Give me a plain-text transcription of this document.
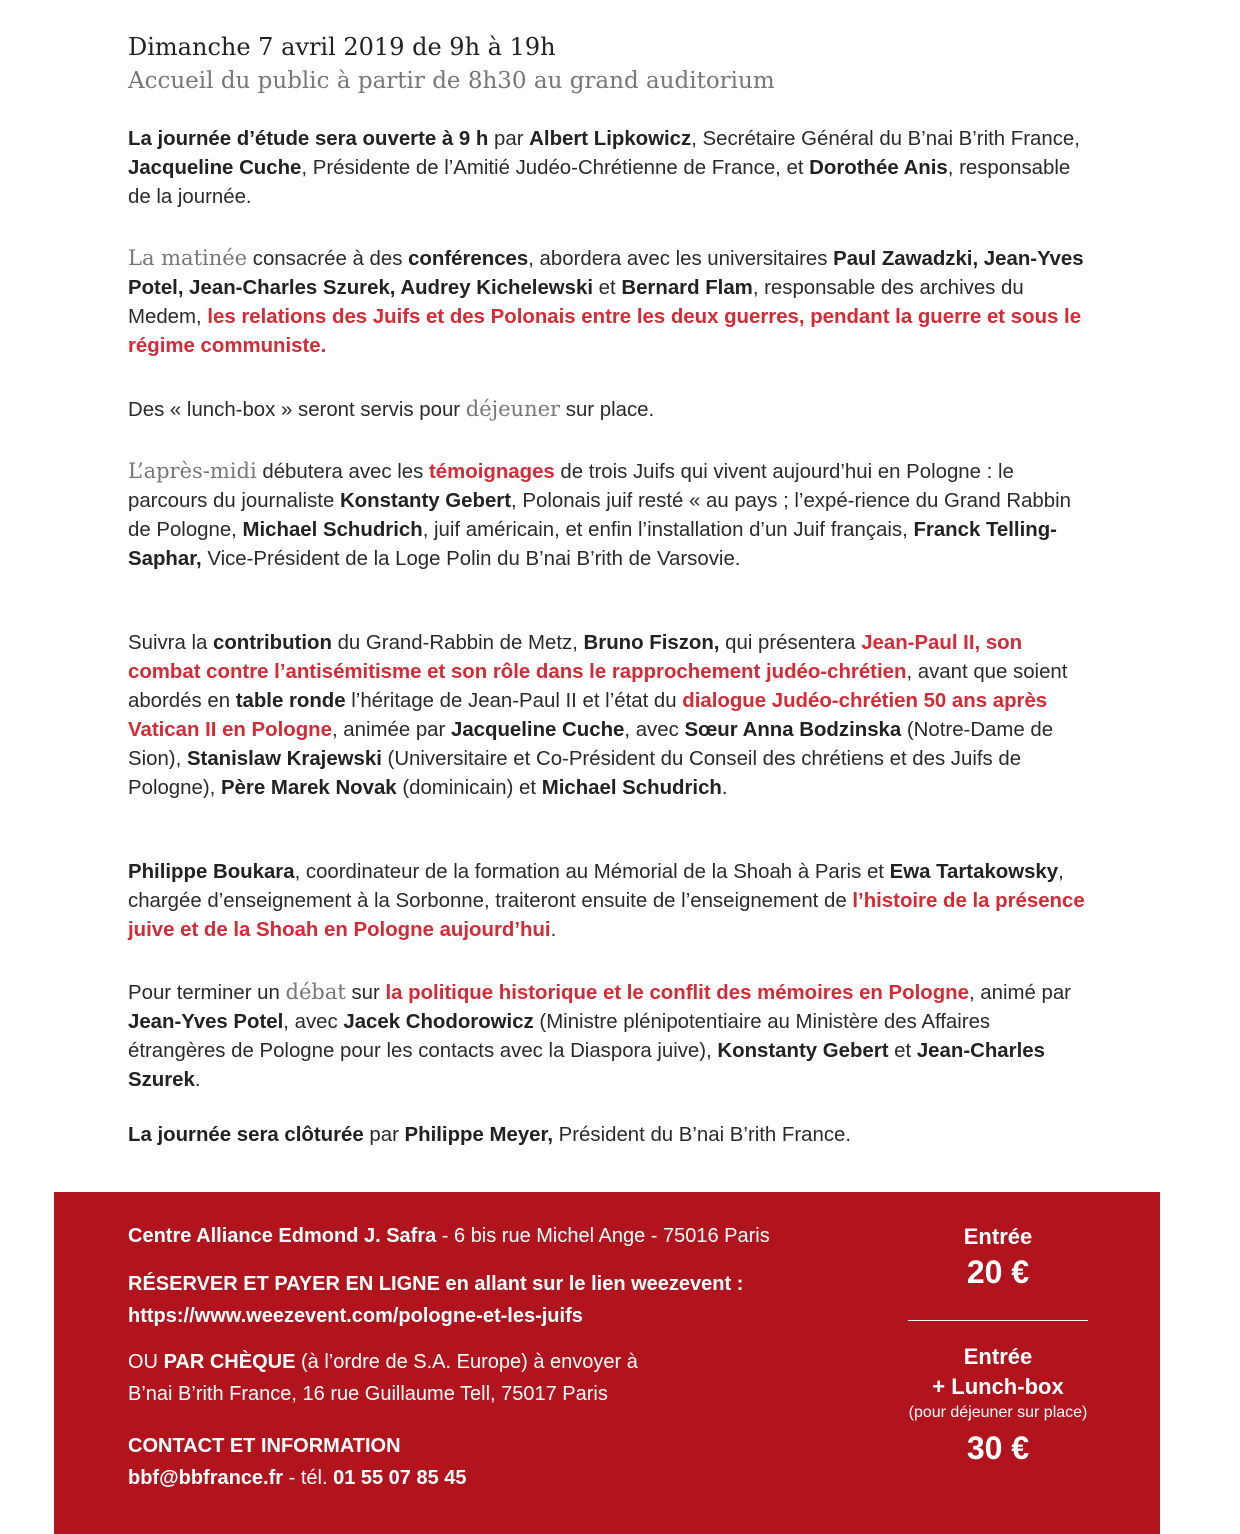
Dimanche 7 avril 2019 de 9h à 19h
Accueil du public à partir de 8h30 au grand auditorium
La journée d’étude sera ouverte à 9 h par Albert Lipkowicz, Secrétaire Général du B’nai B’rith France, Jacqueline Cuche, Présidente de l’Amitié Judéo-Chrétienne de France, et Dorothée Anis, responsable de la journée.
La matinée consacrée à des conférences, abordera avec les universitaires Paul Zawadzki, Jean-Yves Potel, Jean-Charles Szurek, Audrey Kichelewski et Bernard Flam, responsable des archives du Medem, les relations des Juifs et des Polonais entre les deux guerres, pendant la guerre et sous le régime communiste.
Des « lunch-box » seront servis pour déjeuner sur place.
L’après-midi débutera avec les témoignages de trois Juifs qui vivent aujourd’hui en Pologne : le parcours du journaliste Konstanty Gebert, Polonais juif resté « au pays ; l’expé-rience du Grand Rabbin de Pologne, Michael Schudrich, juif américain, et enfin l’installation d’un Juif français, Franck Telling-Saphar, Vice-Président de la Loge Polin du B’nai B’rith de Varsovie.
Suivra la contribution du Grand-Rabbin de Metz, Bruno Fiszon, qui présentera Jean-Paul II, son combat contre l’antisémitisme et son rôle dans le rapprochement judéo-chrétien, avant que soient abordés en table ronde l’héritage de Jean-Paul II et l’état du dialogue Judéo-chrétien 50 ans après Vatican II en Pologne, animée par Jacqueline Cuche, avec Sœur Anna Bodzinska (Notre-Dame de Sion), Stanislaw Krajewski (Universitaire et Co-Président du Conseil des chrétiens et des Juifs de Pologne), Père Marek Novak (dominicain) et Michael Schudrich.
Philippe Boukara, coordinateur de la formation au Mémorial de la Shoah à Paris et Ewa Tartakowsky, chargée d’enseignement à la Sorbonne, traiteront ensuite de l’enseignement de l’histoire de la présence juive et de la Shoah en Pologne aujourd’hui.
Pour terminer un débat sur la politique historique et le conflit des mémoires en Pologne, animé par Jean-Yves Potel, avec Jacek Chodorowicz (Ministre plénipotentiaire au Ministère des Affaires étrangères de Pologne pour les contacts avec la Diaspora juive), Konstanty Gebert et Jean-Charles Szurek.
La journée sera clôturée par Philippe Meyer, Président du B’nai B’rith France.
Centre Alliance Edmond J. Safra - 6 bis rue Michel Ange - 75016 Paris
RÉSERVER ET PAYER EN LIGNE en allant sur le lien weezevent :
https://www.weezevent.com/pologne-et-les-juifs
OU PAR CHÈQUE (à l’ordre de S.A. Europe) à envoyer à
B’nai B’rith France, 16 rue Guillaume Tell, 75017 Paris
CONTACT ET INFORMATION
bbf@bbfrance.fr - tél. 01 55 07 85 45
Entrée
20 €
Entrée
+ Lunch-box
(pour déjeuner sur place)
30 €
